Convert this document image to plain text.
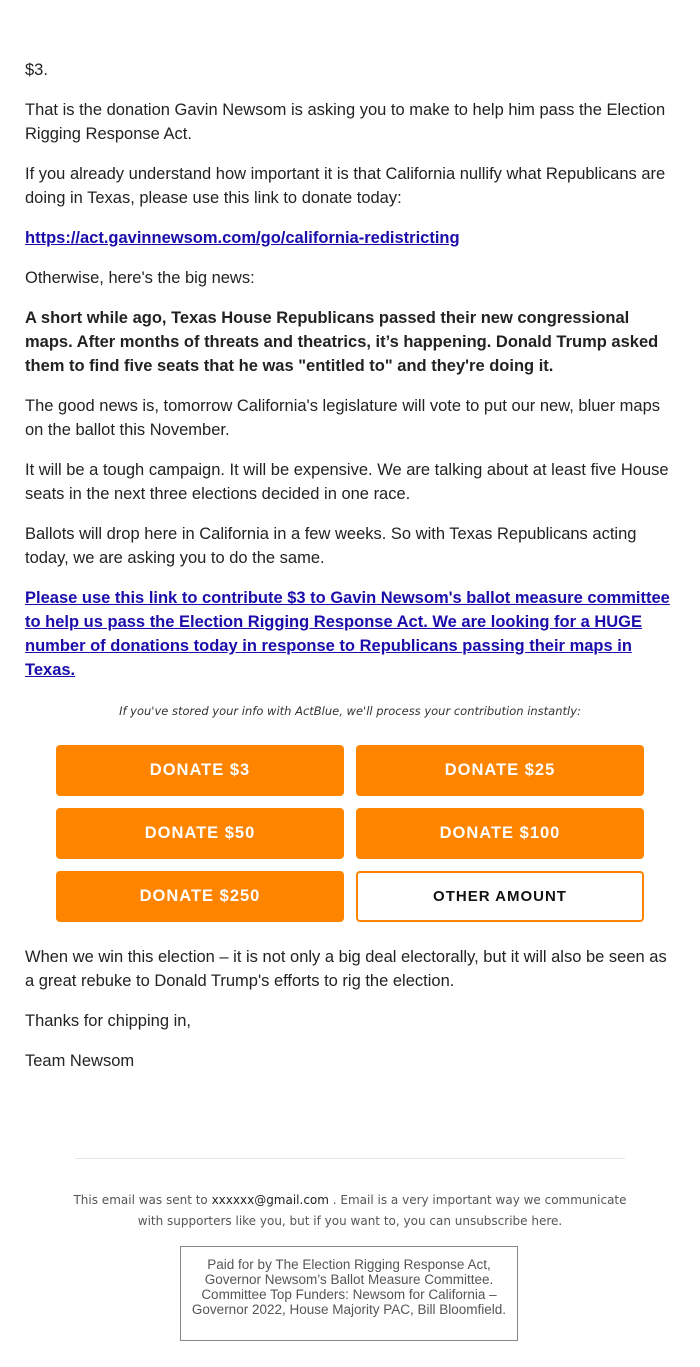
$3.

That is the donation Gavin Newsom is asking you to make to help him pass the Election Rigging Response Act.

If you already understand how important it is that California nullify what Republicans are doing in Texas, please use this link to donate today:

https://act.gavinnewsom.com/go/california-redistricting

Otherwise, here's the big news:

A short while ago, Texas House Republicans passed their new congressional maps. After months of threats and theatrics, it’s happening. Donald Trump asked them to find five seats that he was "entitled to" and they're doing it.

The good news is, tomorrow California's legislature will vote to put our new, bluer maps on the ballot this November.

It will be a tough campaign. It will be expensive. We are talking about at least five House seats in the next three elections decided in one race.

Ballots will drop here in California in a few weeks. So with Texas Republicans acting today, we are asking you to do the same.

Please use this link to contribute $3 to Gavin Newsom's ballot measure committee to help us pass the Election Rigging Response Act. We are looking for a HUGE number of donations today in response to Republicans passing their maps in Texas.

If you've stored your info with ActBlue, we'll process your contribution instantly:
DONATE $3	DONATE $25
DONATE $50	DONATE $100
DONATE $250	OTHER AMOUNT

When we win this election – it is not only a big deal electorally, but it will also be seen as a great rebuke to Donald Trump's efforts to rig the election.

Thanks for chipping in,

Team Newsom

This email was sent to xxxxxx@gmail.com . Email is a very important way we communicate with supporters like you, but if you want to, you can unsubscribe here.
Paid for by The Election Rigging Response Act, Governor Newsom’s Ballot Measure Committee. Committee Top Funders: Newsom for California – Governor 2022, House Majority PAC, Bill Bloomfield.
